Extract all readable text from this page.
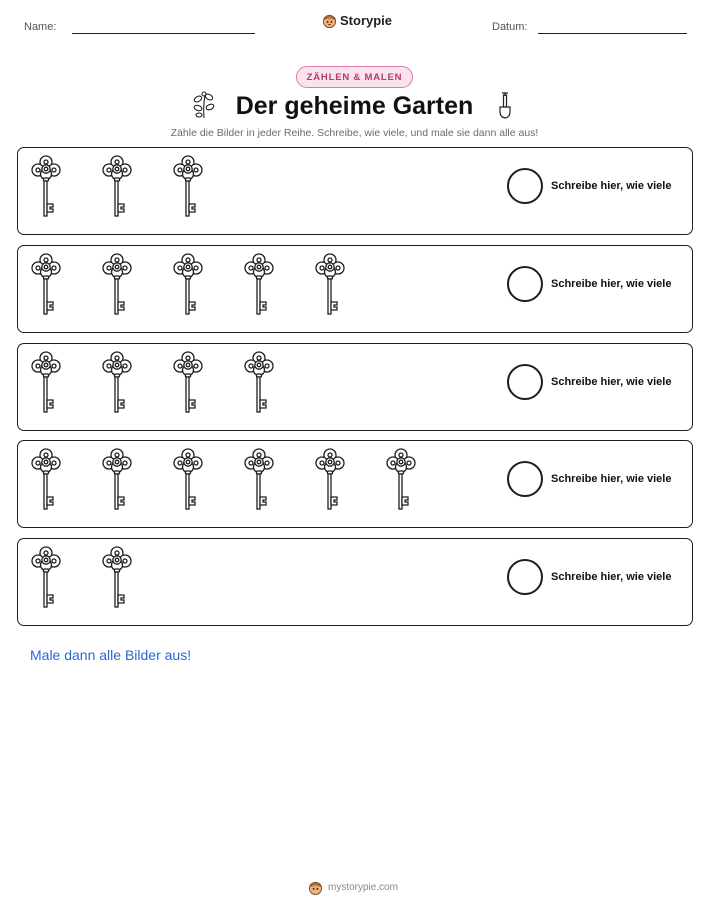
Name:	Storypie	Datum:
ZÄHLEN & MALEN
Der geheime Garten
Zähle die Bilder in jeder Reihe. Schreibe, wie viele, und male sie dann alle aus!
Schreibe hier, wie viele
Schreibe hier, wie viele
Schreibe hier, wie viele
Schreibe hier, wie viele
Schreibe hier, wie viele
Male dann alle Bilder aus!
mystorypie.com
